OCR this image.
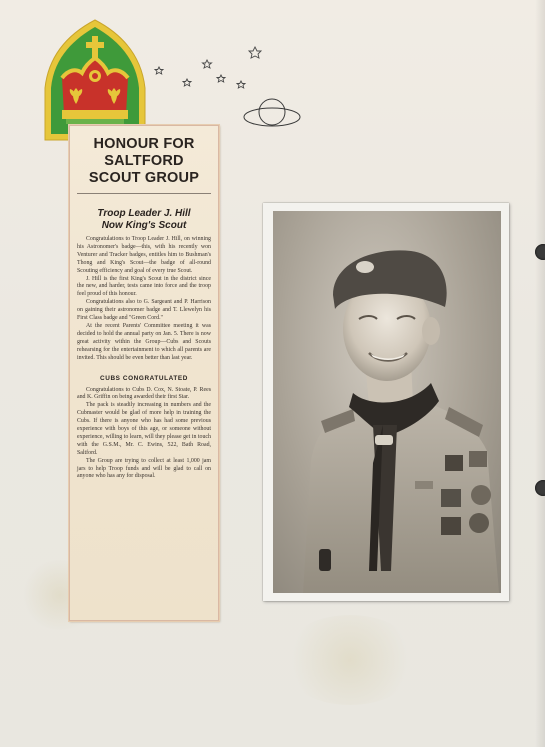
HONOUR FOR
SALTFORD
SCOUT GROUP
Troop Leader J. Hill
Now King's Scout

Congratulations to Troop Leader J. Hill, on winning his Astronomer's badge—this, with his recently won Venturer and Tracker badges, entitles him to Bushman's Thong and King's Scout—the badge of all-round Scouting efficiency and goal of every true Scout.

J. Hill is the first King's Scout in the district since the new, and harder, tests came into force and the troop feel proud of this honour.

Congratulations also to G. Sargeant and P. Harrison on gaining their astronomer badge and T. Llewelyn his First Class badge and "Green Cord."

At the recent Parents' Committee meeting it was decided to hold the annual party on Jan. 5. There is now great activity within the Group—Cubs and Scouts rehearsing for the entertainment to which all parents are invited. This should be even better than last year.

CUBS CONGRATULATED

Congratulations to Cubs D. Cox, N. Stoate, P. Rees and K. Griffin on being awarded their first Star.

The pack is steadily increasing in numbers and the Cubmaster would be glad of more help in training the Cubs. If there is anyone who has had some previous experience with boys of this age, or someone without experience, willing to learn, will they please get in touch with the G.S.M., Mr. C. Ewins, 522, Bath Road, Saltford.

The Group are trying to collect at least 1,000 jam jars to help Troop funds and will be glad to call on anyone who has any for disposal.
